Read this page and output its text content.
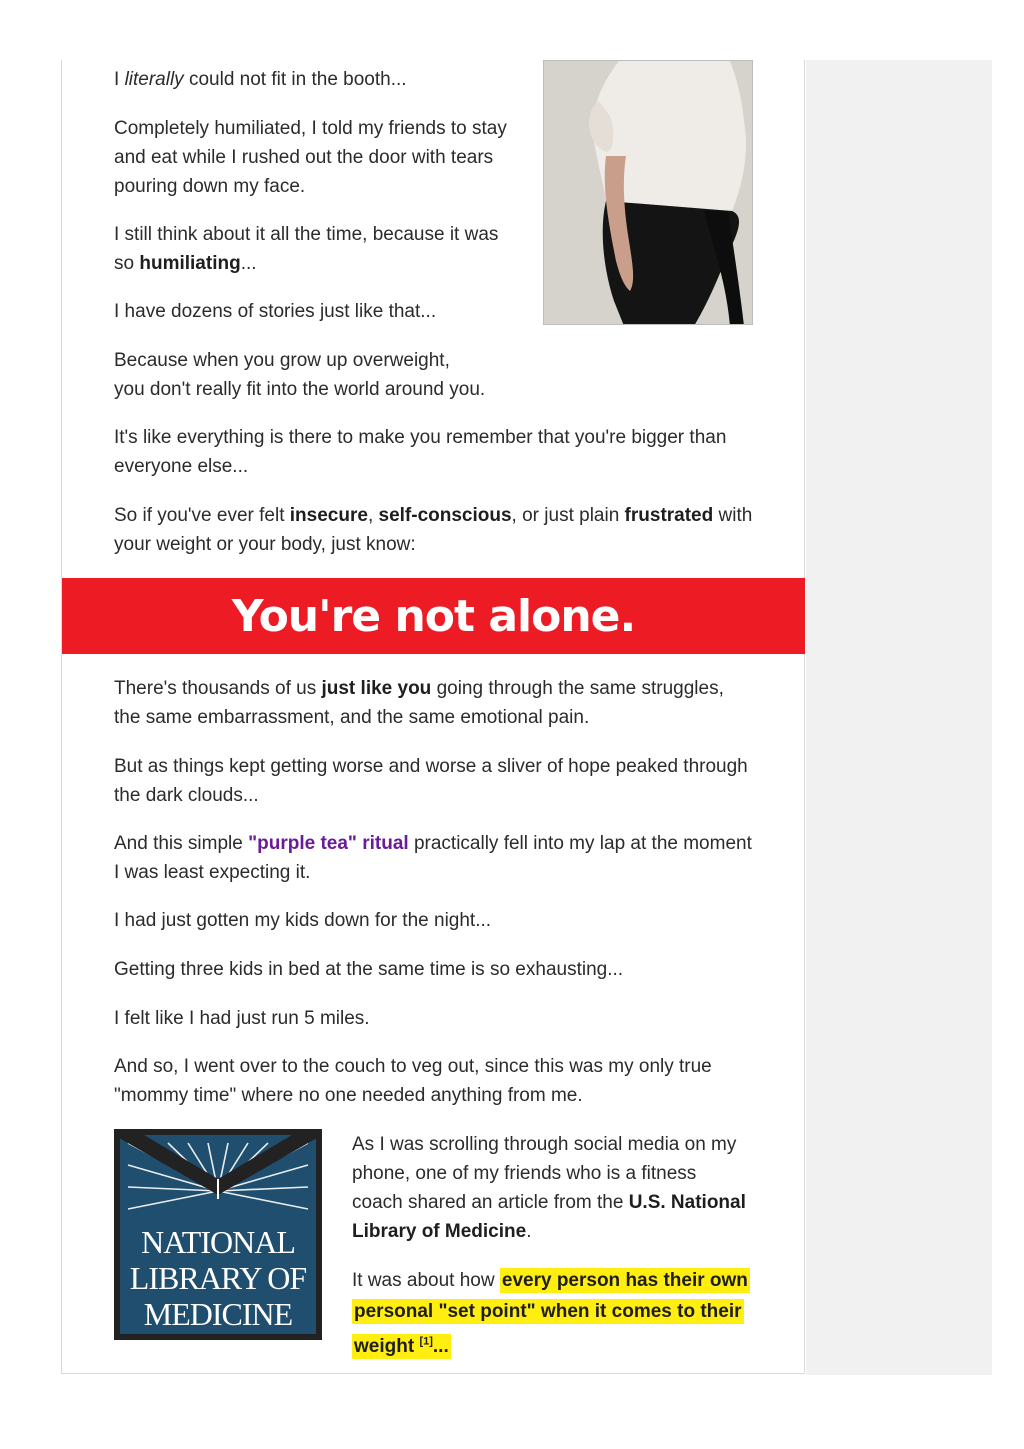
I literally could not fit in the booth...

Completely humiliated, I told my friends to stay and eat while I rushed out the door with tears pouring down my face.

I still think about it all the time, because it was so humiliating...

I have dozens of stories just like that...

Because when you grow up overweight,
you don't really fit into the world around you.

It's like everything is there to make you remember that you're bigger than everyone else...

So if you've ever felt insecure, self-conscious, or just plain frustrated with your weight or your body, just know:

You're not alone.

There's thousands of us just like you going through the same struggles, the same embarrassment, and the same emotional pain.

But as things kept getting worse and worse a sliver of hope peaked through the dark clouds...

And this simple "purple tea" ritual practically fell into my lap at the moment I was least expecting it.

I had just gotten my kids down for the night...

Getting three kids in bed at the same time is so exhausting...

I felt like I had just run 5 miles.

And so, I went over to the couch to veg out, since this was my only true "mommy time" where no one needed anything from me.

NATIONAL
LIBRARY OF
MEDICINE

As I was scrolling through social media on my phone, one of my friends who is a fitness coach shared an article from the U.S. National Library of Medicine.

It was about how every person has their own personal "set point" when it comes to their weight [1]...
